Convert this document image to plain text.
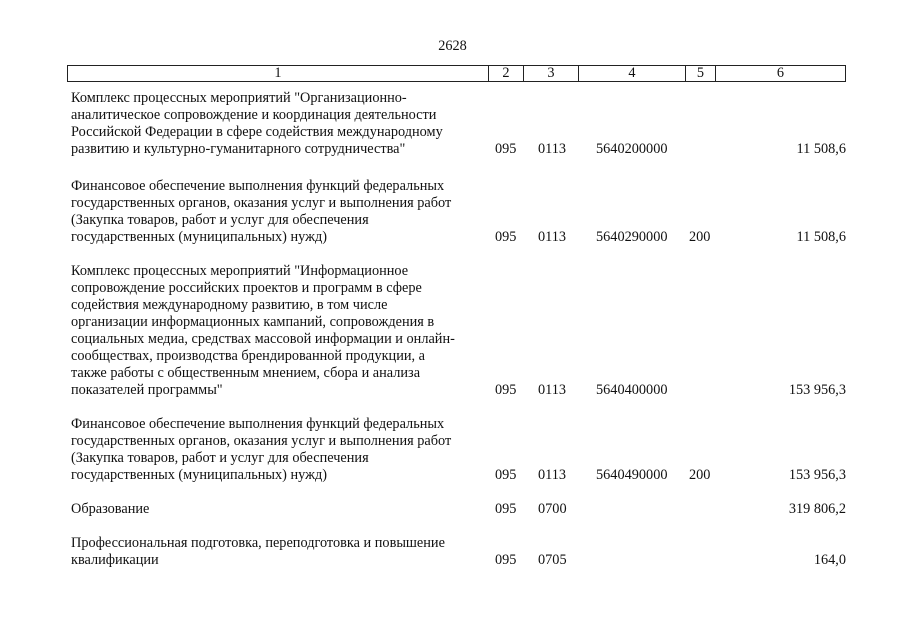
2628
1	2	3	4	5	6
Комплекс процессных мероприятий "Организационно-
аналитическое сопровождение и координация деятельности
Российской Федерации в сфере содействия международному
развитию и культурно-гуманитарного сотрудничества"	095 0113 5640200000	11 508,6
Финансовое обеспечение выполнения функций федеральных
государственных органов, оказания услуг и выполнения работ
(Закупка товаров, работ и услуг для обеспечения
государственных (муниципальных) нужд)	095 0113 5640290000 200	11 508,6
Комплекс процессных мероприятий "Информационное
сопровождение российских проектов и программ в сфере
содействия международному развитию, в том числе
организации информационных кампаний, сопровождения в
социальных медиа, средствах массовой информации и онлайн-
сообществах, производства брендированной продукции, а
также работы с общественным мнением, сбора и анализа
показателей программы"	095 0113 5640400000	153 956,3
Финансовое обеспечение выполнения функций федеральных
государственных органов, оказания услуг и выполнения работ
(Закупка товаров, работ и услуг для обеспечения
государственных (муниципальных) нужд)	095 0113 5640490000 200	153 956,3
Образование	095 0700	319 806,2
Профессиональная подготовка, переподготовка и повышение
квалификации	095 0705	164,0
